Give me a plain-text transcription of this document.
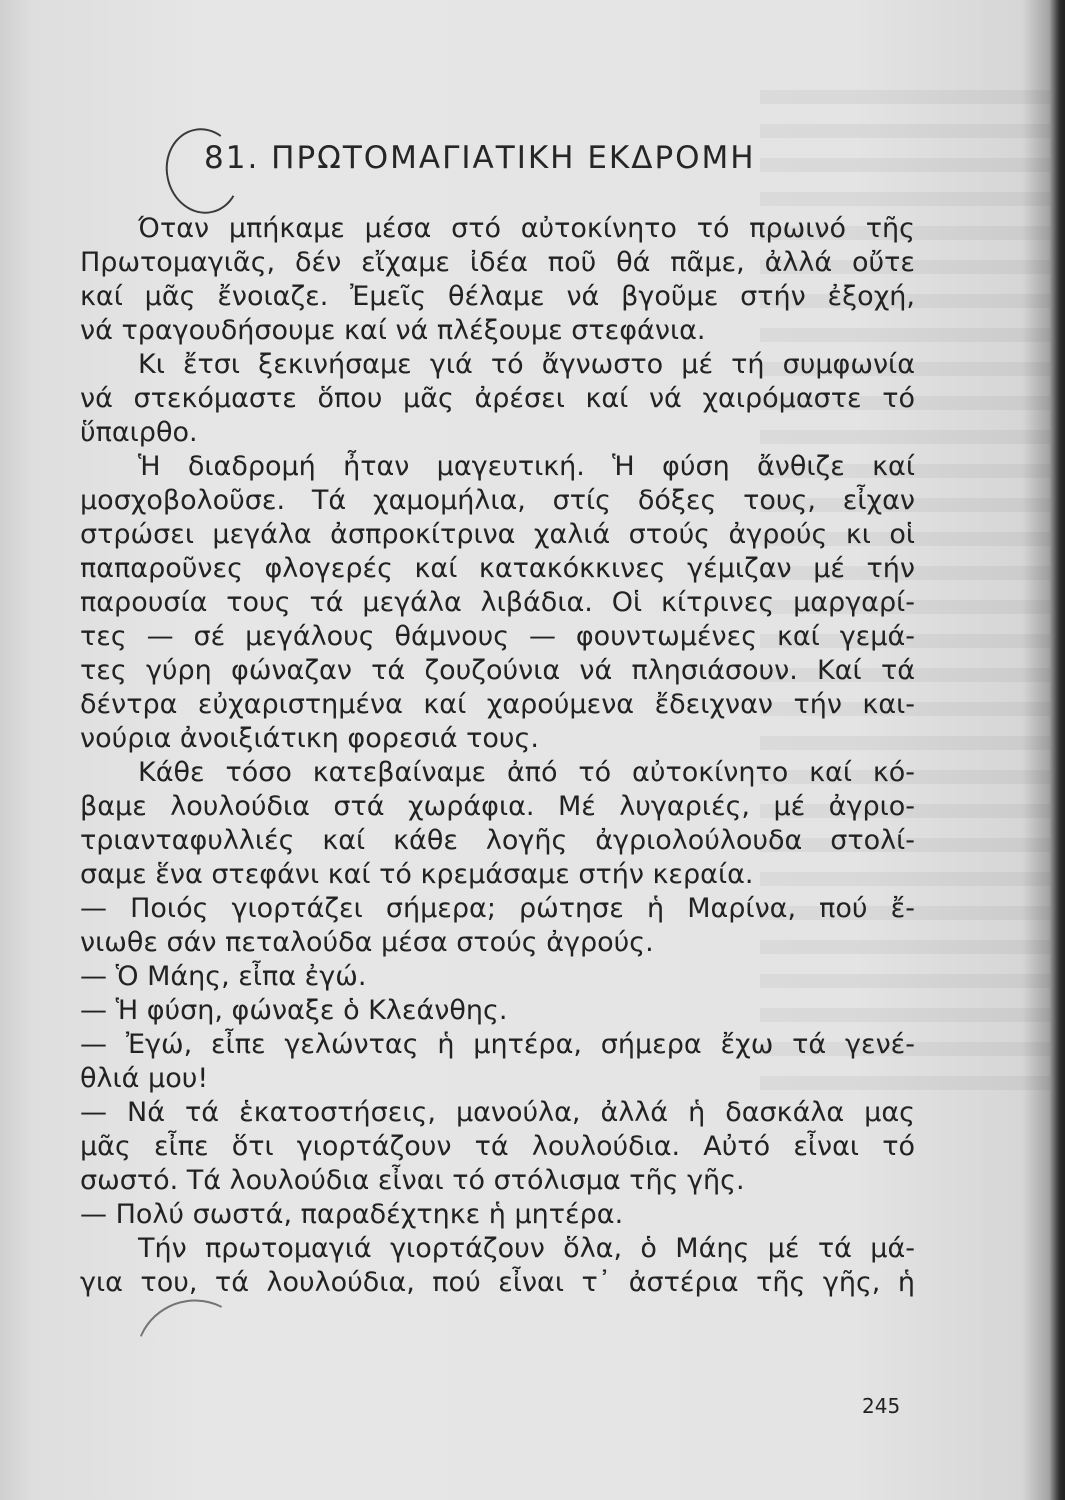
81. ΠΡΩΤΟΜΑΓΙΑΤΙΚΗ ΕΚΔΡΟΜΗ
Όταν μπήκαμε μέσα στό αὐτοκίνητο τό πρωινό τῆς
Πρωτομαγιᾶς, δέν εἴχαμε ἰδέα ποῦ θά πᾶμε, ἀλλά οὔτε
καί μᾶς ἔνοιαζε. Ἐμεῖς θέλαμε νά βγοῦμε στήν ἐξοχή,
νά τραγουδήσουμε καί νά πλέξουμε στεφάνια.
Κι ἔτσι ξεκινήσαμε γιά τό ἄγνωστο μέ τή συμφωνία
νά στεκόμαστε ὅπου μᾶς ἀρέσει καί νά χαιρόμαστε τό
ὕπαιρθο.
Ἡ διαδρομή ἦταν μαγευτική. Ἡ φύση ἄνθιζε καί
μοσχοβολοῦσε. Τά χαμομήλια, στίς δόξες τους, εἶχαν
στρώσει μεγάλα ἀσπροκίτρινα χαλιά στούς ἀγρούς κι οἱ
παπαροῦνες φλογερές καί κατακόκκινες γέμιζαν μέ τήν
παρουσία τους τά μεγάλα λιβάδια. Οἱ κίτρινες μαργαρί-
τες — σέ μεγάλους θάμνους — φουντωμένες καί γεμά-
τες γύρη φώναζαν τά ζουζούνια νά πλησιάσουν. Καί τά
δέντρα εὐχαριστημένα καί χαρούμενα ἔδειχναν τήν και-
νούρια ἀνοιξιάτικη φορεσιά τους.
Κάθε τόσο κατεβαίναμε ἀπό τό αὐτοκίνητο καί κό-
βαμε λουλούδια στά χωράφια. Μέ λυγαριές, μέ ἀγριο-
τριανταφυλλιές καί κάθε λογῆς ἀγριολούλουδα στολί-
σαμε ἕνα στεφάνι καί τό κρεμάσαμε στήν κεραία.
— Ποιός γιορτάζει σήμερα; ρώτησε ἡ Μαρίνα, πού ἔ-
νιωθε σάν πεταλούδα μέσα στούς ἀγρούς.
— Ὁ Μάης, εἶπα ἐγώ.
— Ἡ φύση, φώναξε ὁ Κλεάνθης.
— Ἐγώ, εἶπε γελώντας ἡ μητέρα, σήμερα ἔχω τά γενέ-
θλιά μου!
— Νά τά ἑκατοστήσεις, μανούλα, ἀλλά ἡ δασκάλα μας
μᾶς εἶπε ὅτι γιορτάζουν τά λουλούδια. Αὐτό εἶναι τό
σωστό. Τά λουλούδια εἶναι τό στόλισμα τῆς γῆς.
— Πολύ σωστά, παραδέχτηκε ἡ μητέρα.
Τήν πρωτομαγιά γιορτάζουν ὅλα, ὁ Μάης μέ τά μά-
για του, τά λουλούδια, πού εἶναι τ᾿ ἀστέρια τῆς γῆς, ἡ
245
